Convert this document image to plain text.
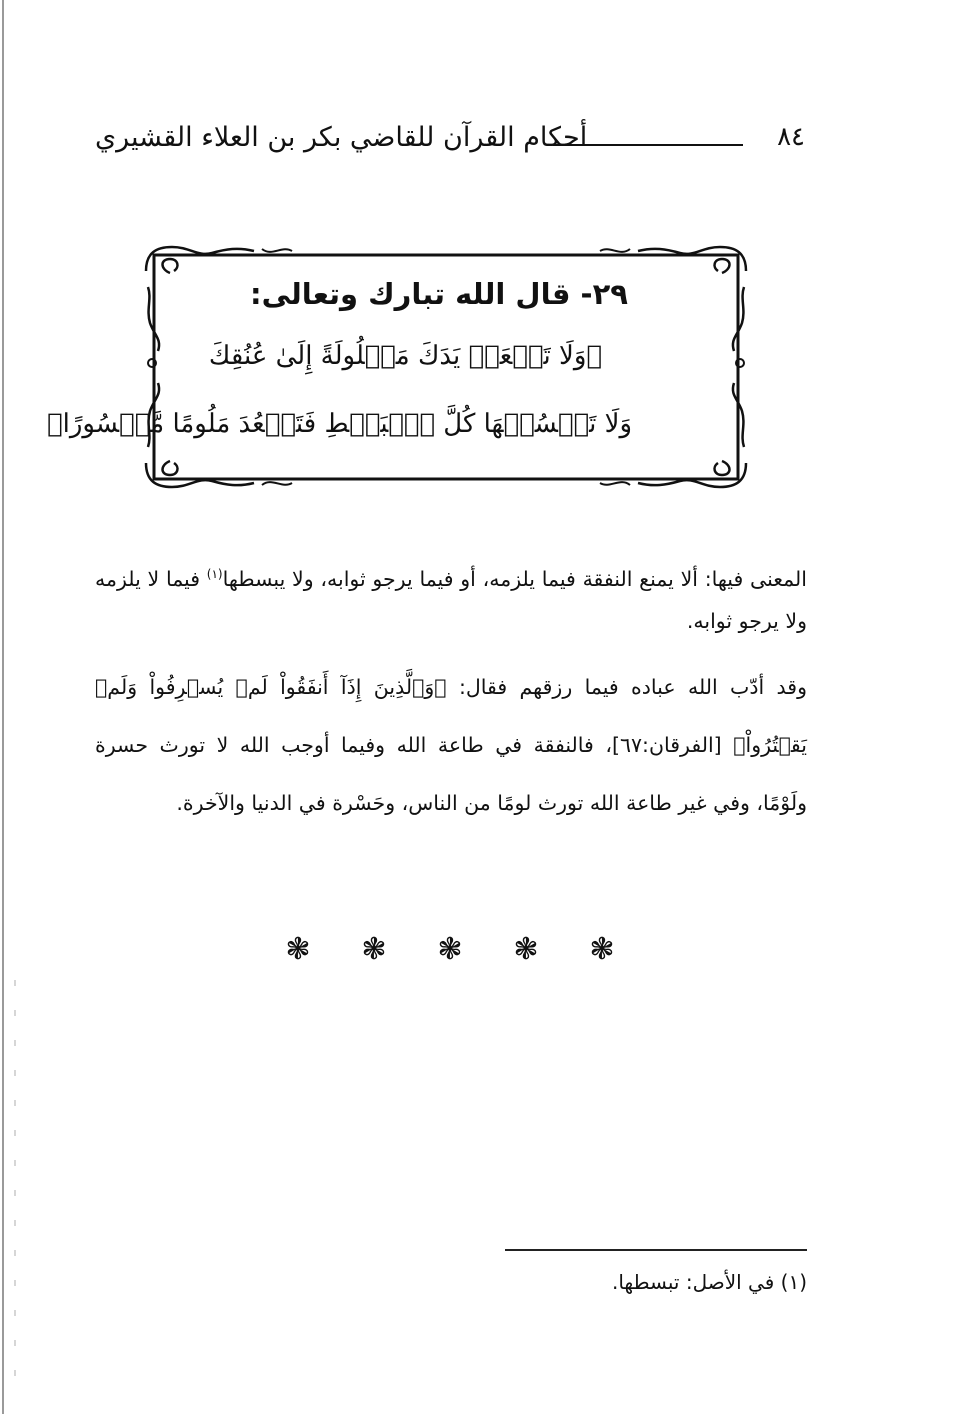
٨٤
أحكام القرآن للقاضي بكر بن العلاء القشيري
٢٩- قال الله تبارك وتعالى:
﴿وَلَا تَجۡعَلۡ يَدَكَ مَغۡلُولَةً إِلَىٰ عُنُقِكَ
وَلَا تَبۡسُطۡهَا كُلَّ ٱلۡبَسۡطِ فَتَقۡعُدَ مَلُومًا مَّحۡسُورًا﴾

المعنى فيها: ألا يمنع النفقة فيما يلزمه، أو فيما يرجو ثوابه، ولا يبسطها$^{(١)}$ فيما لا يلزمه ولا يرجو ثوابه.

وقد أدّب الله عباده فيما رزقهم فقال: ﴿وَٱلَّذِينَ إِذَآ أَنفَقُواْ لَمۡ يُسۡرِفُواْ وَلَمۡ يَقۡتُرُواْ﴾ [الفرقان:٦٧]، فالنفقة في طاعة الله وفيما أوجب الله لا تورث حسرة ولَوْمًا، وفي غير طاعة الله تورث لومًا من الناس، وحَسْرة في الدنيا والآخرة.

❃
❃
❃
❃
❃
(١) في الأصل: تبسطها.
